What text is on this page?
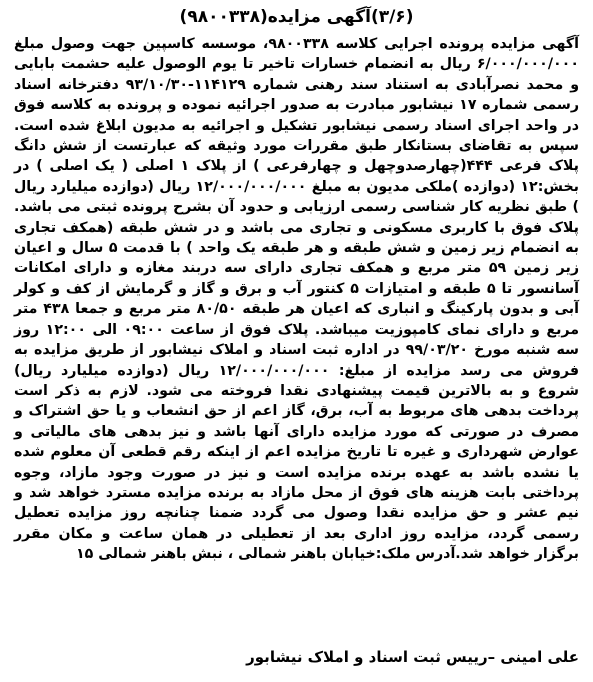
(۳/۶)آگهی مزایده(۹۸۰۰۳۳۸)

آگهی مزایده پرونده اجرایی کلاسه ۹۸۰۰۳۳۸، موسسه کاسپین جهت وصول مبلغ ۶/۰۰۰/۰۰۰/۰۰۰ ریال به انضمام خسارات تاخیر تا یوم الوصول علیه حشمت بابایی و محمد نصرآبادی به استناد سند رهنی شماره ۱۱۴۱۲۹-۹۳/۱۰/۳۰ دفترخانه اسناد رسمی شماره ۱۷ نیشابور مبادرت به صدور اجرائیه نموده و پرونده به کلاسه فوق در واحد اجرای اسناد رسمی نیشابور تشکیل و اجرائیه به مدیون ابلاغ شده است. سپس به تقاضای بستانکار طبق مقررات مورد وثیقه که عبارتست از شش دانگ پلاک فرعی ۴۴۴(چهارصدوچهل و چهارفرعی ) از پلاک ۱ اصلی ( یک اصلی ) در بخش:۱۲ (دوازده )ملکی مدیون به مبلغ ۱۲/۰۰۰/۰۰۰/۰۰۰ ریال (دوازده میلیارد ریال ) طبق نظریه کار شناسی رسمی ارزیابی و حدود آن بشرح پرونده ثبتی می باشد. پلاک فوق با کاربری مسکونی و تجاری می باشد و در شش طبقه (همکف تجاری به انضمام زیر زمین و شش طبقه و هر طبقه یک واحد ) با قدمت ۵ سال و اعیان زیر زمین ۵۹ متر مربع و همکف تجاری دارای سه دربند مغازه و دارای امکانات آسانسور تا ۵ طبقه و امتیازات ۵ کنتور آب و برق و گاز و گرمایش از کف و کولر آبی و بدون پارکینگ و انباری که اعیان هر طبقه ۸۰/۵۰ متر مربع و جمعا ۴۳۸ متر مربع و دارای نمای کامپوزیت میباشد. پلاک فوق از ساعت ۰۹:۰۰ الی ۱۲:۰۰ روز سه شنبه مورخ ۹۹/۰۳/۲۰ در اداره ثبت اسناد و املاک نیشابور از طریق مزایده به فروش می رسد مزایده از مبلغ: ۱۲/۰۰۰/۰۰۰/۰۰۰ ریال (دوازده میلیارد ریال) شروع و به بالاترین قیمت پیشنهادی نقدا فروخته می شود. لازم به ذکر است پرداخت بدهی های مربوط به آب، برق، گاز اعم از حق انشعاب و یا حق اشتراک و مصرف در صورتی که مورد مزایده دارای آنها باشد و نیز بدهی های مالیاتی و عوارض شهرداری و غیره تا تاریخ مزایده اعم از اینکه رقم قطعی آن معلوم شده یا نشده باشد به عهده برنده مزایده است و نیز در صورت وجود مازاد، وجوه پرداختی بابت هزینه های فوق از محل مازاد به برنده مزایده مسترد خواهد شد و نیم عشر و حق مزایده نقدا وصول می گردد ضمنا چنانچه روز مزایده تعطیل رسمی گردد، مزایده روز اداری بعد از تعطیلی در همان ساعت و مکان مقرر برگزار خواهد شد.آدرس ملک:خیابان باهنر شمالی ، نبش باهنر شمالی ۱۵

علی امینی –رییس ثبت اسناد و املاک نیشابور
